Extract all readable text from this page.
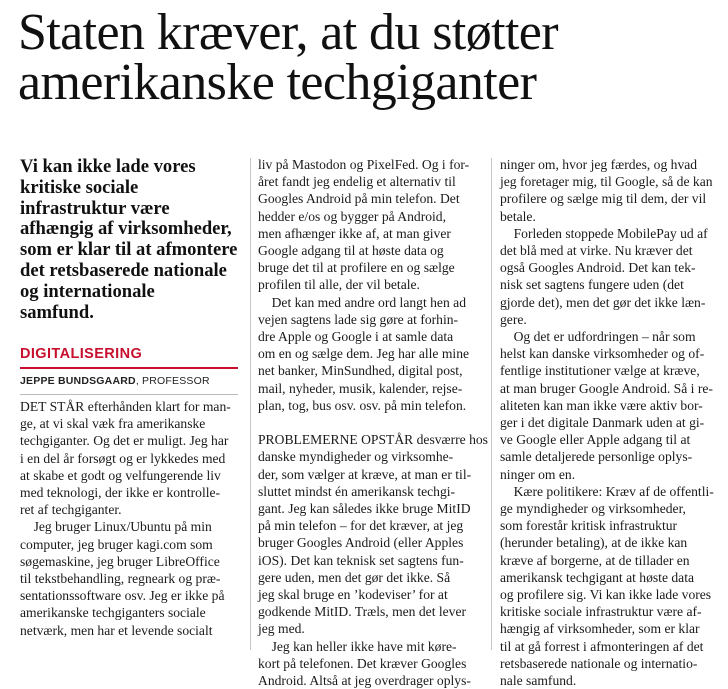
Staten kræver, at du støtter
amerikanske techgiganter
Vi kan ikke lade vores
kritiske sociale
infrastruktur være
afhængig af virksomheder,
som er klar til at afmontere
det retsbaserede nationale
og internationale
samfund.
DIGITALISERING
JEPPE BUNDSGAARD, PROFESSOR
DET STÅR efterhånden klart for man-
ge, at vi skal væk fra amerikanske
techgiganter. Og det er muligt. Jeg har
i en del år forsøgt og er lykkedes med
at skabe et godt og velfungerende liv
med teknologi, der ikke er kontrolle-
ret af techgiganter.
 Jeg bruger Linux/Ubuntu på min
computer, jeg bruger kagi.com som
søgemaskine, jeg bruger LibreOffice
til tekstbehandling, regneark og præ-
sentationssoftware osv. Jeg er ikke på
amerikanske techgiganters sociale
netværk, men har et levende socialt
liv på Mastodon og PixelFed. Og i for-
året fandt jeg endelig et alternativ til
Googles Android på min telefon. Det
hedder e/os og bygger på Android,
men afhænger ikke af, at man giver
Google adgang til at høste data og
bruge det til at profilere en og sælge
profilen til alle, der vil betale.
 Det kan med andre ord langt hen ad
vejen sagtens lade sig gøre at forhin-
dre Apple og Google i at samle data
om en og sælge dem. Jeg har alle mine
net banker, MinSundhed, digital post,
mail, nyheder, musik, kalender, rejse-
plan, tog, bus osv. osv. på min telefon.

PROBLEMERNE OPSTÅR desværre hos
danske myndigheder og virksomhe-
der, som vælger at kræve, at man er til-
sluttet mindst én amerikansk techgi-
gant. Jeg kan således ikke bruge MitID
på min telefon – for det kræver, at jeg
bruger Googles Android (eller Apples
iOS). Det kan teknisk set sagtens fun-
gere uden, men det gør det ikke. Så
jeg skal bruge en ’kodeviser’ for at
godkende MitID. Træls, men det lever
jeg med.
 Jeg kan heller ikke have mit køre-
kort på telefonen. Det kræver Googles
Android. Altså at jeg overdrager oplys-
ninger om, hvor jeg færdes, og hvad
jeg foretager mig, til Google, så de kan
profilere og sælge mig til dem, der vil
betale.
 Forleden stoppede MobilePay ud af
det blå med at virke. Nu kræver det
også Googles Android. Det kan tek-
nisk set sagtens fungere uden (det
gjorde det), men det gør det ikke læn-
gere.
 Og det er udfordringen – når som
helst kan danske virksomheder og of-
fentlige institutioner vælge at kræve,
at man bruger Google Android. Så i re-
aliteten kan man ikke være aktiv bor-
ger i det digitale Danmark uden at gi-
ve Google eller Apple adgang til at
samle detaljerede personlige oplys-
ninger om en.
 Kære politikere: Kræv af de offentli-
ge myndigheder og virksomheder,
som forestår kritisk infrastruktur
(herunder betaling), at de ikke kan
kræve af borgerne, at de tillader en
amerikansk techgigant at høste data
og profilere sig. Vi kan ikke lade vores
kritiske sociale infrastruktur være af-
hængig af virksomheder, som er klar
til at gå forrest i afmonteringen af det
retsbaserede nationale og internatio-
nale samfund.
